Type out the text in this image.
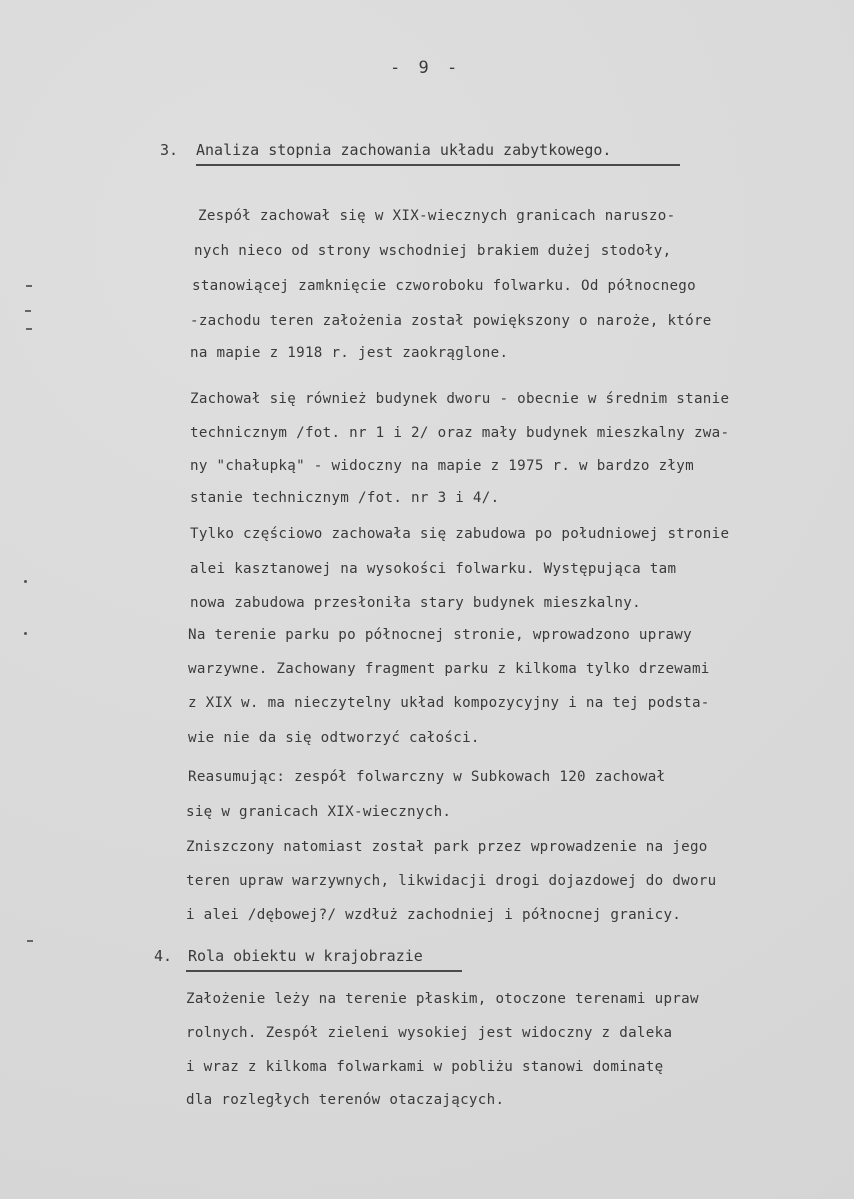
- 9 -
3. Analiza stopnia zachowania układu zabytkowego.
Zespół zachował się w XIX-wiecznych granicach naruszo-
nych nieco od strony wschodniej brakiem dużej stodoły,
stanowiącej zamknięcie czworoboku folwarku. Od północnego
-zachodu teren założenia został powiększony o naroże, które
na mapie z 1918 r. jest zaokrąglone.
Zachował się również budynek dworu - obecnie w średnim stanie
technicznym /fot. nr 1 i 2/ oraz mały budynek mieszkalny zwa-
ny "chałupką" - widoczny na mapie z 1975 r. w bardzo złym
stanie technicznym /fot. nr 3 i 4/.
Tylko częściowo zachowała się zabudowa po południowej stronie
alei kasztanowej na wysokości folwarku. Występująca tam
nowa zabudowa przesłoniła stary budynek mieszkalny.
Na terenie parku po północnej stronie, wprowadzono uprawy
warzywne. Zachowany fragment parku z kilkoma tylko drzewami
z XIX w. ma nieczytelny układ kompozycyjny i na tej podsta-
wie nie da się odtworzyć całości.
Reasumując: zespół folwarczny w Subkowach 120 zachował
się w granicach XIX-wiecznych.
Zniszczony natomiast został park przez wprowadzenie na jego
teren upraw warzywnych, likwidacji drogi dojazdowej do dworu
i alei /dębowej?/ wzdłuż zachodniej i północnej granicy.
4. Rola obiektu w krajobrazie
Założenie leży na terenie płaskim, otoczone terenami upraw
rolnych. Zespół zieleni wysokiej jest widoczny z daleka
i wraz z kilkoma folwarkami w pobliżu stanowi dominatę
dla rozległych terenów otaczających.
